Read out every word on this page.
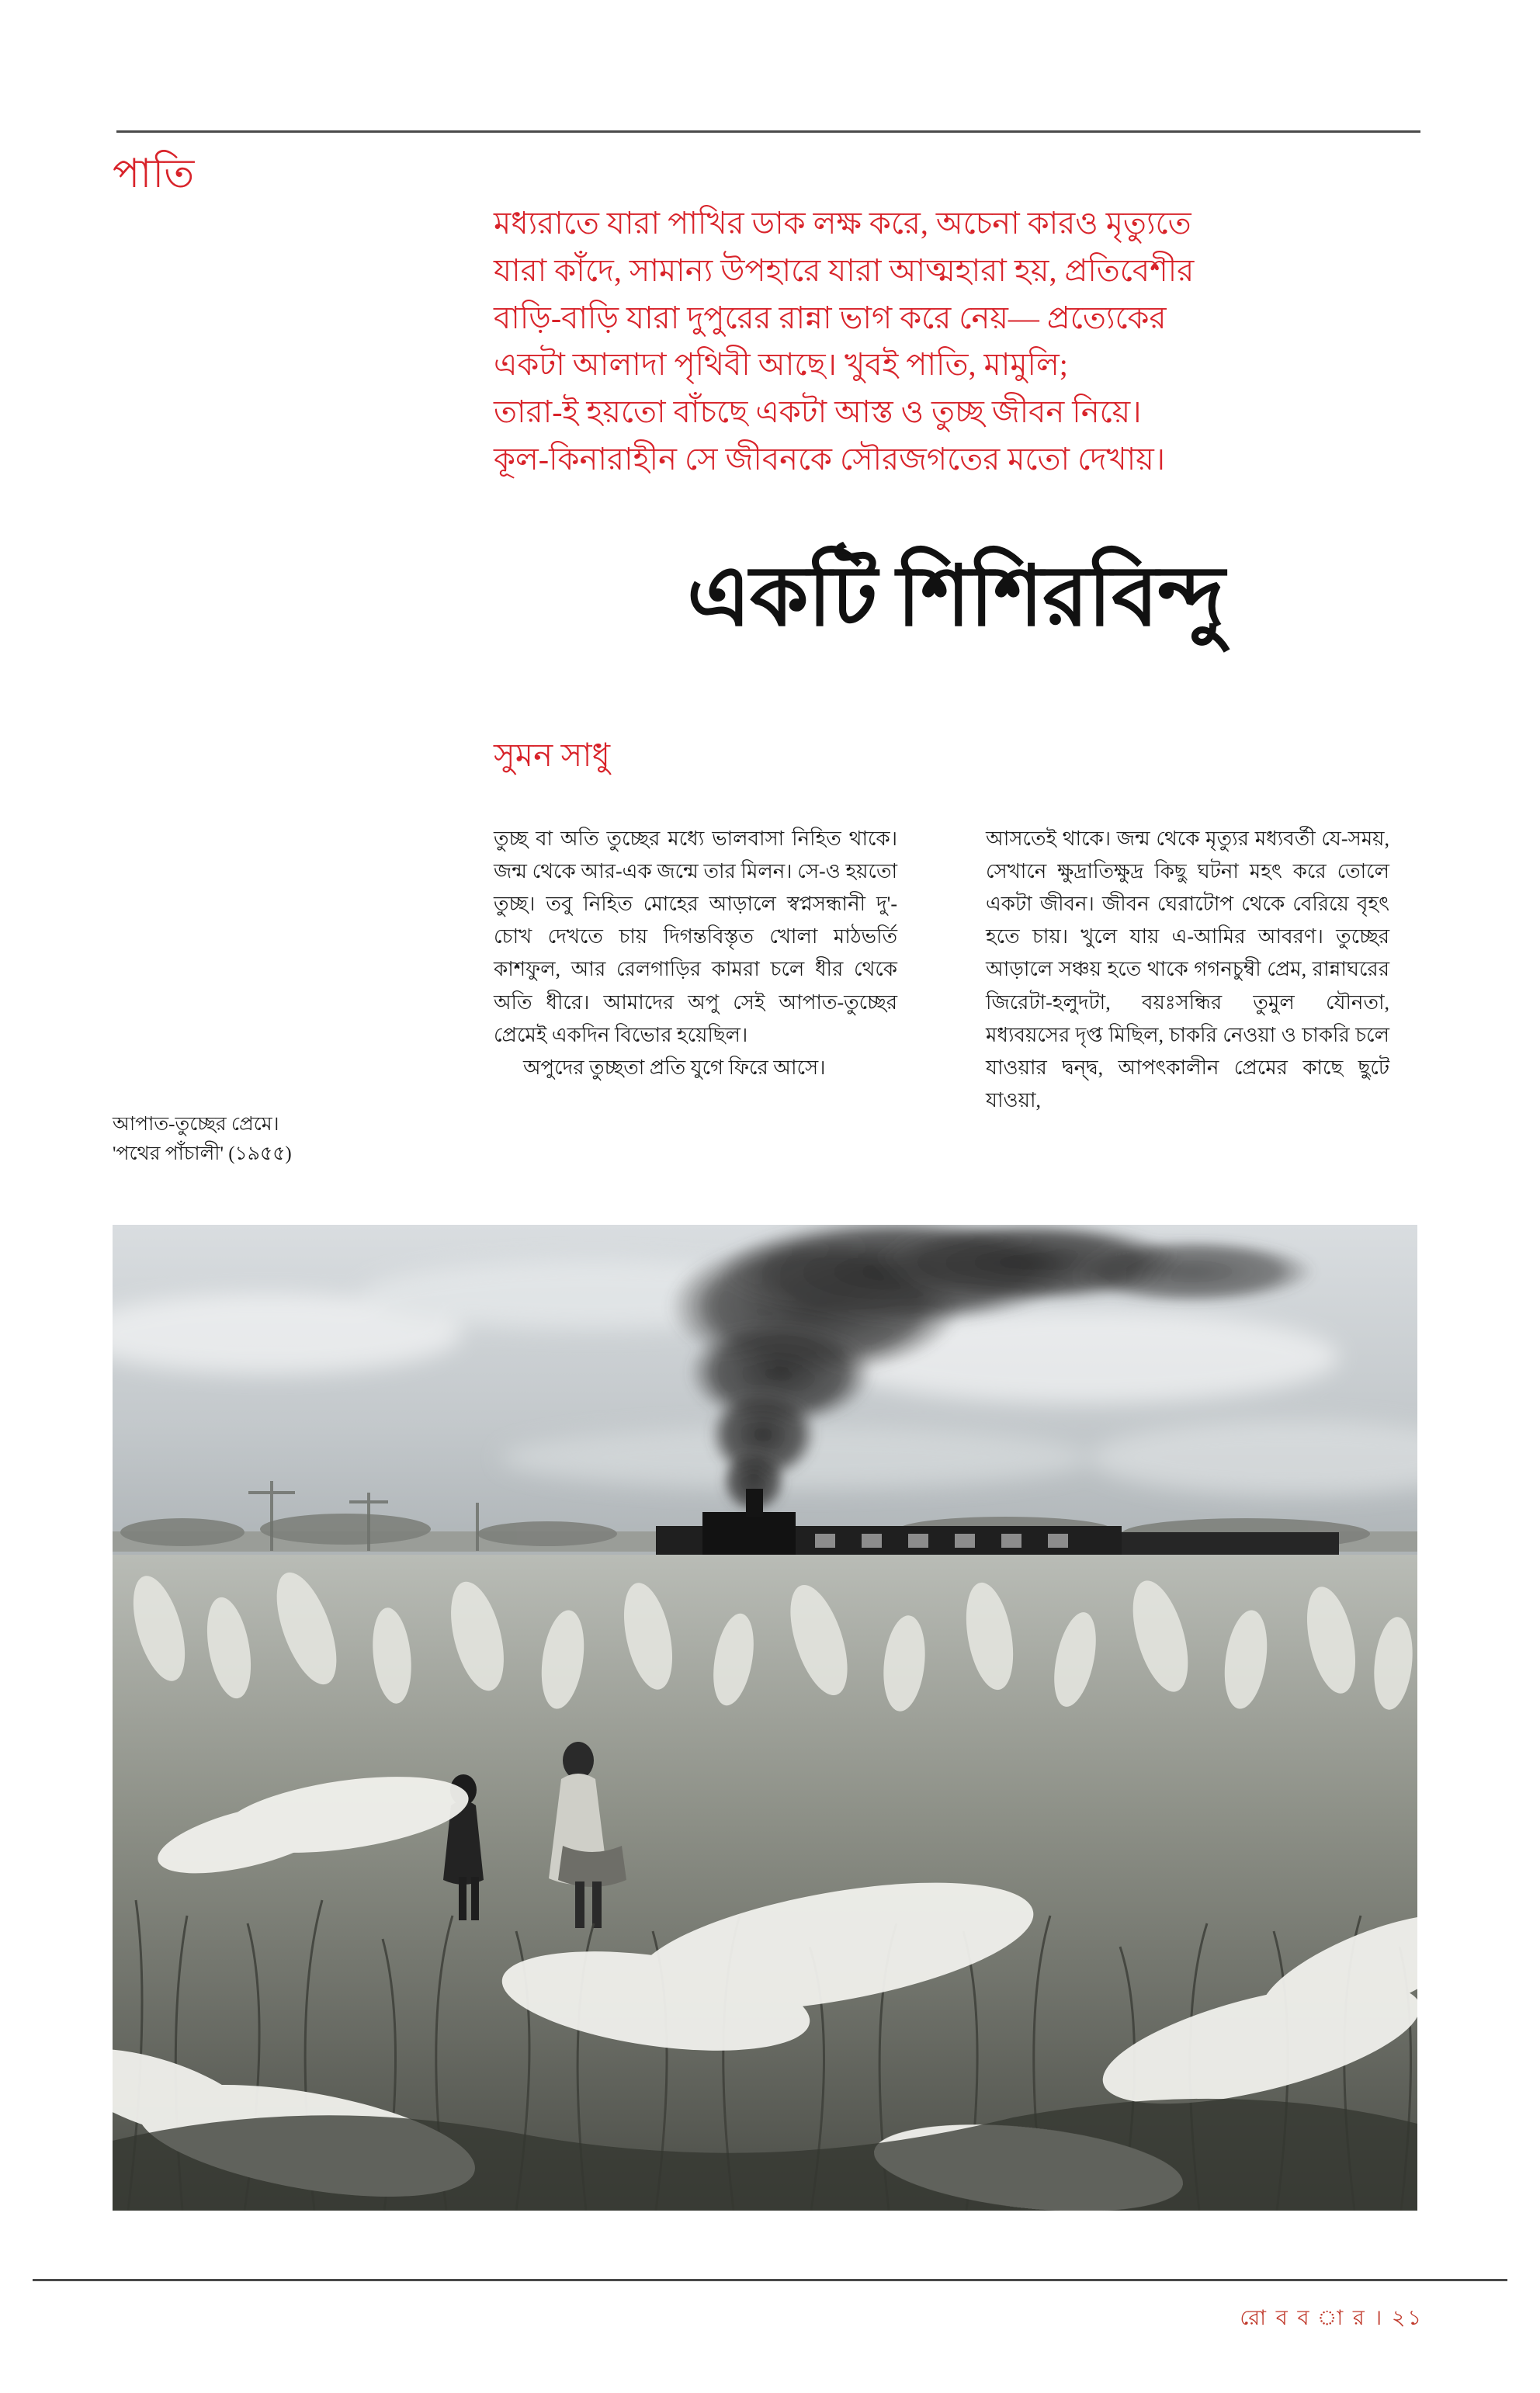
পাতি

মধ্যরাতে যারা পাখির ডাক লক্ষ করে, অচেনা কারও মৃত্যুতে

যারা কাঁদে, সামান্য উপহারে যারা আত্মহারা হয়, প্রতিবেশীর

বাড়ি-বাড়ি যারা দুপুরের রান্না ভাগ করে নেয়— প্রত্যেকের

একটা আলাদা পৃথিবী আছে। খুবই পাতি, মামুলি;

তারা-ই হয়তো বাঁচছে একটা আস্ত ও তুচ্ছ জীবন নিয়ে।

কূল-কিনারাহীন সে জীবনকে সৌরজগতের মতো দেখায়।

একটি শিশিরবিন্দু
সুমন সাধু

তুচ্ছ বা অতি তুচ্ছের মধ্যে ভালবাসা নিহিত থাকে। জন্ম থেকে আর-এক জন্মে তার মিলন। সে-ও হয়তো তুচ্ছ। তবু নিহিত মোহের আড়ালে স্বপ্নসন্ধানী দু'-চোখ দেখতে চায় দিগন্তবিস্তৃত খোলা মাঠভর্তি কাশফুল, আর রেলগাড়ির কামরা চলে ধীর থেকে অতি ধীরে। আমাদের অপু সেই আপাত-তুচ্ছের প্রেমেই একদিন বিভোর হয়েছিল।

অপুদের তুচ্ছতা প্রতি যুগে ফিরে আসে।

আসতেই থাকে। জন্ম থেকে মৃত্যুর মধ্যবর্তী যে-সময়, সেখানে ক্ষুদ্রাতিক্ষুদ্র কিছু ঘটনা মহৎ করে তোলে একটা জীবন। জীবন ঘেরাটোপ থেকে বেরিয়ে বৃহৎ হতে চায়। খুলে যায় এ-আমির আবরণ। তুচ্ছের আড়ালে সঞ্চয় হতে থাকে গগনচুম্বী প্রেম, রান্নাঘরের জিরেটা-হলুদটা, বয়ঃসন্ধির তুমুল যৌনতা, মধ্যবয়সের দৃপ্ত মিছিল, চাকরি নেওয়া ও চাকরি চলে যাওয়ার দ্বন্দ্ব, আপৎকালীন প্রেমের কাছে ছুটে যাওয়া,

আপাত-তুচ্ছের প্রেমে।

'পথের পাঁচালী' (১৯৫৫)

রো ব ব া র । ২১
